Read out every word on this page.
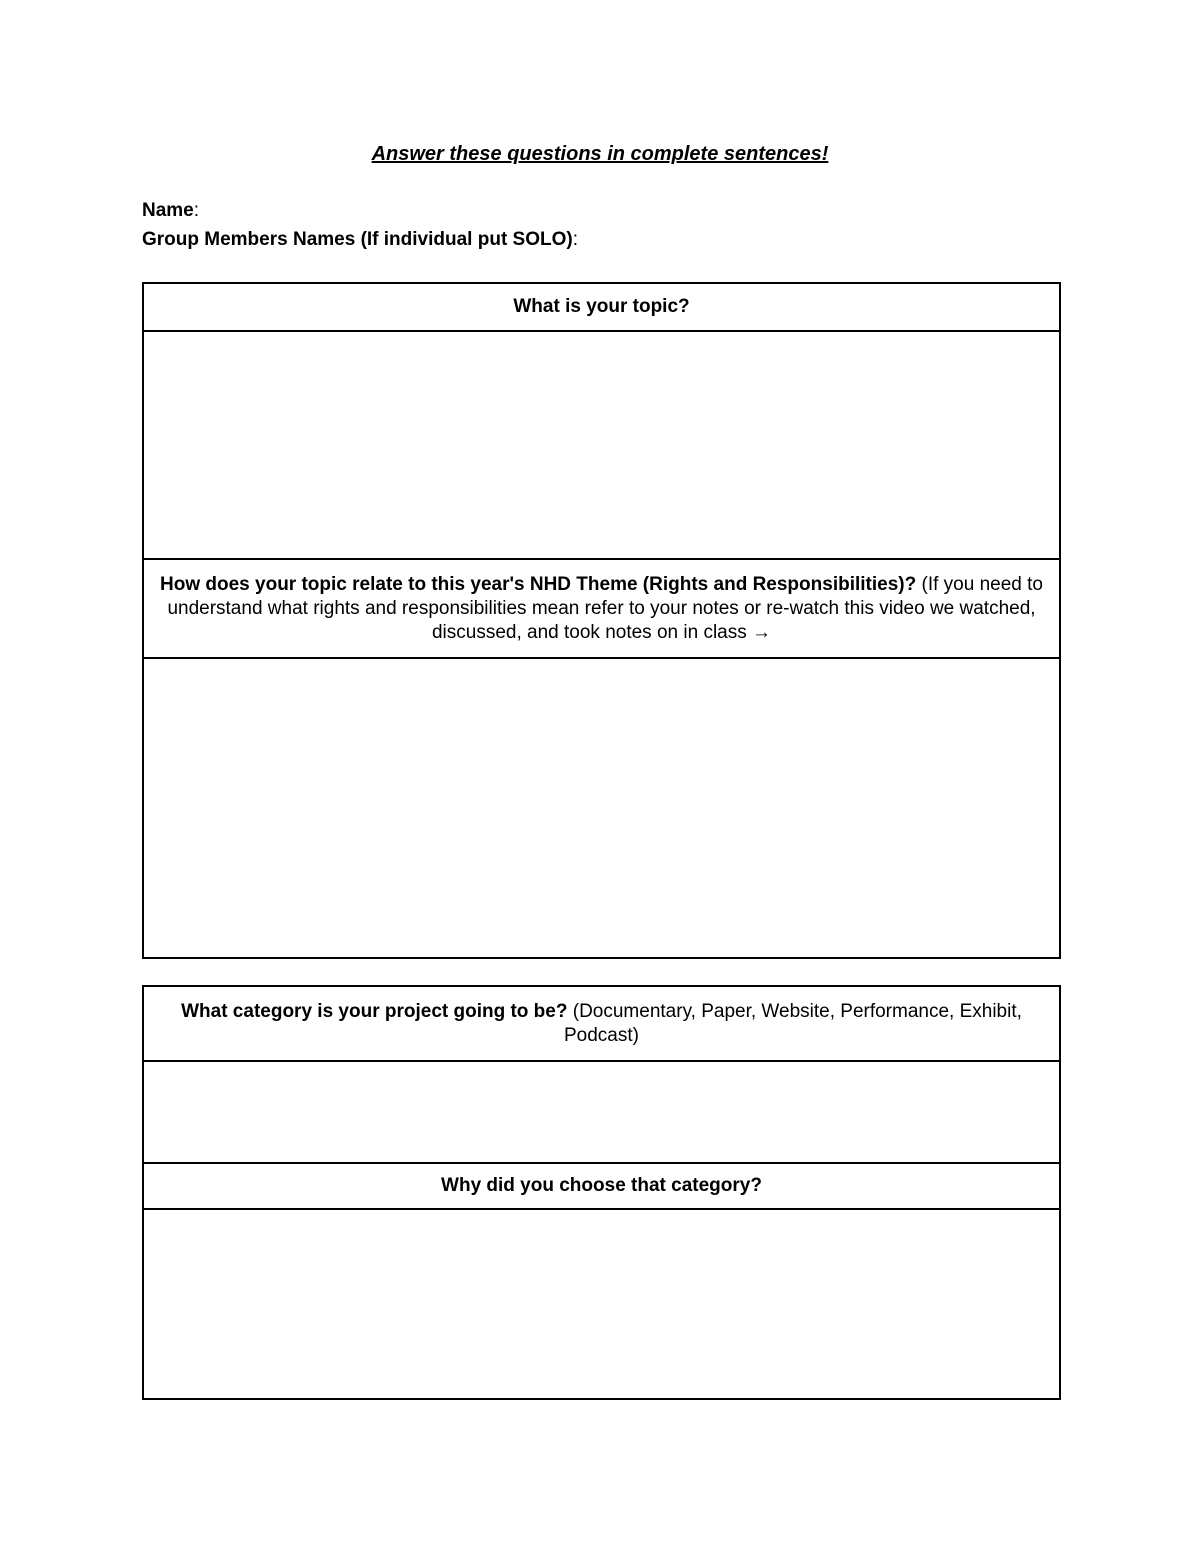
Answer these questions in complete sentences!
Name:
Group Members Names (If individual put SOLO):
What is your topic?
How does your topic relate to this year's NHD Theme (Rights and Responsibilities)? (If you need to understand what rights and responsibilities mean refer to your notes or re-watch this video we watched, discussed, and took notes on in class →
What category is your project going to be? (Documentary, Paper, Website, Performance, Exhibit, Podcast)
Why did you choose that category?
